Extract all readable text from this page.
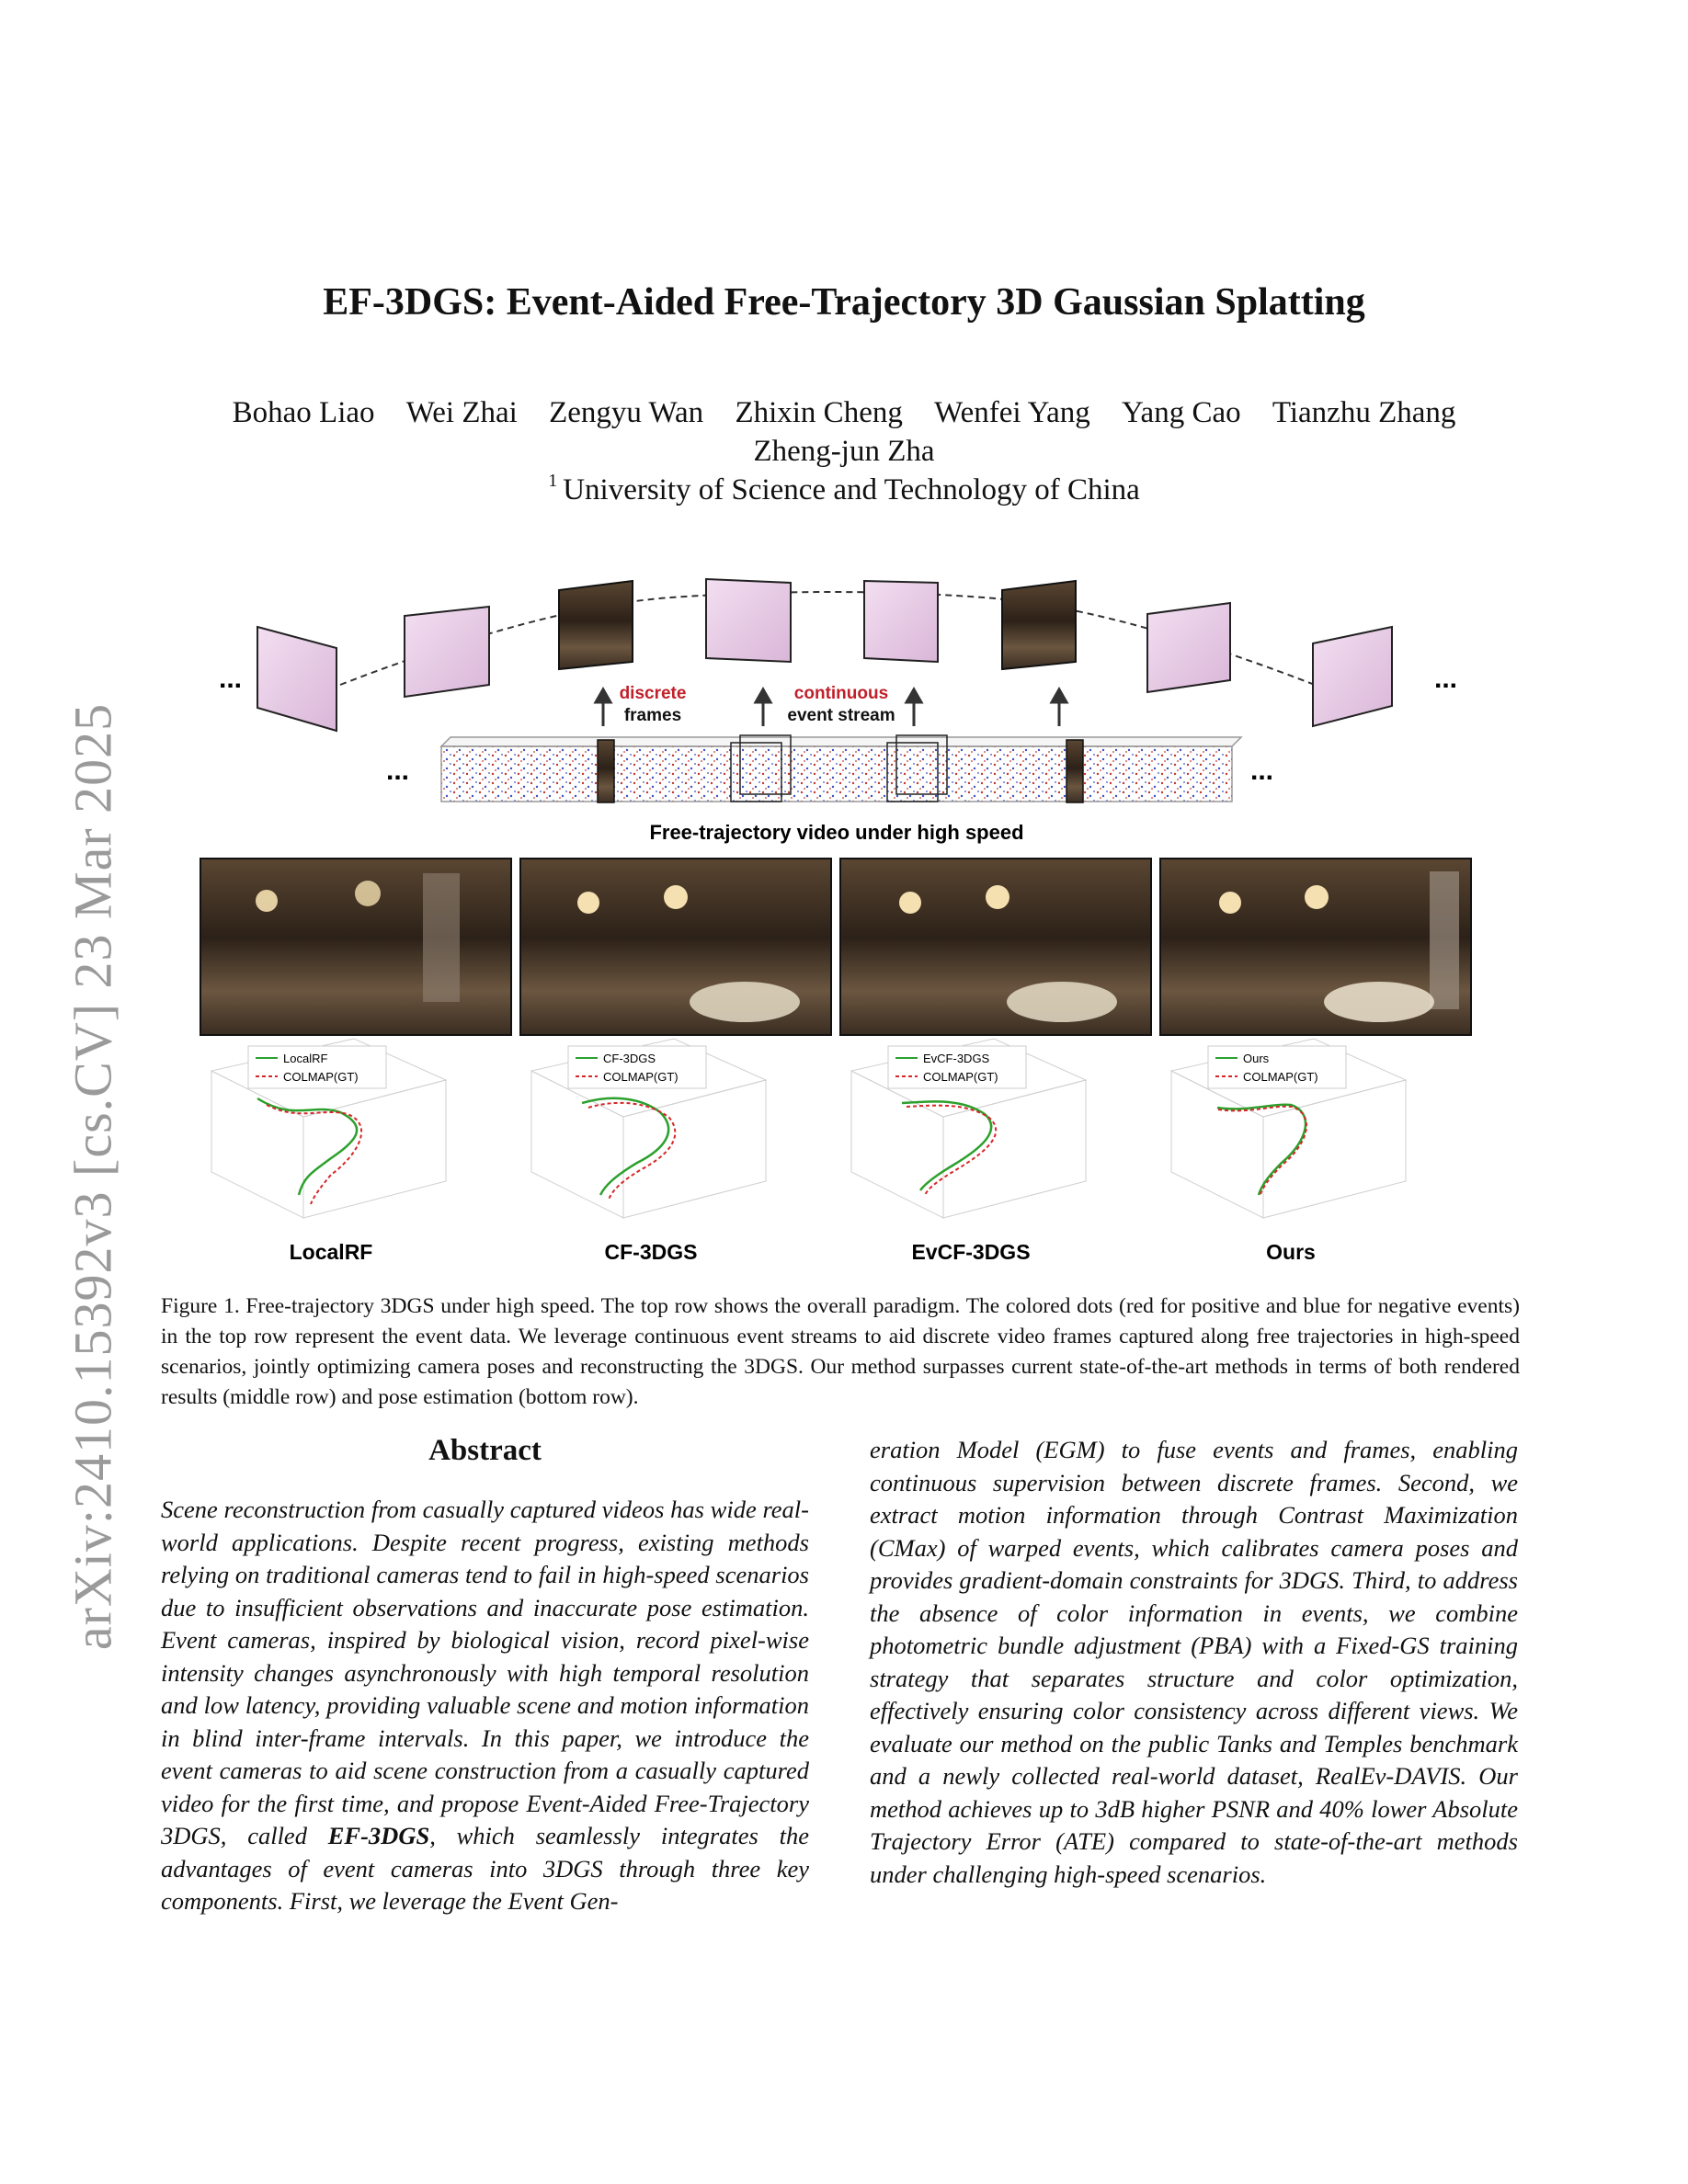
arXiv:2410.15392v3 [cs.CV] 23 Mar 2025
EF-3DGS: Event-Aided Free-Trajectory 3D Gaussian Splatting
Bohao Liao Wei Zhai Zengyu Wan Zhixin Cheng Wenfei Yang Yang Cao Tianzhu Zhang
Zheng-jun Zha
$^1$ University of Science and Technology of China
...	...
discrete
frames
continuous
event stream
...	...
Free-trajectory video under high speed
LocalRF
COLMAP(GT)
LocalRF
CF-3DGS
COLMAP(GT)
CF-3DGS
EvCF-3DGS
COLMAP(GT)
EvCF-3DGS
Ours
COLMAP(GT)
Ours
Figure 1. Free-trajectory 3DGS under high speed. The top row shows the overall paradigm. The colored dots (red for positive and blue for negative events) in the top row represent the event data. We leverage continuous event streams to aid discrete video frames captured along free trajectories in high-speed scenarios, jointly optimizing camera poses and reconstructing the 3DGS. Our method surpasses current state-of-the-art methods in terms of both rendered results (middle row) and pose estimation (bottom row).
Abstract

Scene reconstruction from casually captured videos has wide real-world applications. Despite recent progress, existing methods relying on traditional cameras tend to fail in high-speed scenarios due to insufficient observations and inaccurate pose estimation. Event cameras, inspired by biological vision, record pixel-wise intensity changes asynchronously with high temporal resolution and low latency, providing valuable scene and motion information in blind inter-frame intervals. In this paper, we introduce the event cameras to aid scene construction from a casually captured video for the first time, and propose Event-Aided Free-Trajectory 3DGS, called EF-3DGS, which seamlessly integrates the advantages of event cameras into 3DGS through three key components. First, we leverage the Event Gen-

eration Model (EGM) to fuse events and frames, enabling continuous supervision between discrete frames. Second, we extract motion information through Contrast Maximization (CMax) of warped events, which calibrates camera poses and provides gradient-domain constraints for 3DGS. Third, to address the absence of color information in events, we combine photometric bundle adjustment (PBA) with a Fixed-GS training strategy that separates structure and color optimization, effectively ensuring color consistency across different views. We evaluate our method on the public Tanks and Temples benchmark and a newly collected real-world dataset, RealEv-DAVIS. Our method achieves up to 3dB higher PSNR and 40% lower Absolute Trajectory Error (ATE) compared to state-of-the-art methods under challenging high-speed scenarios.
